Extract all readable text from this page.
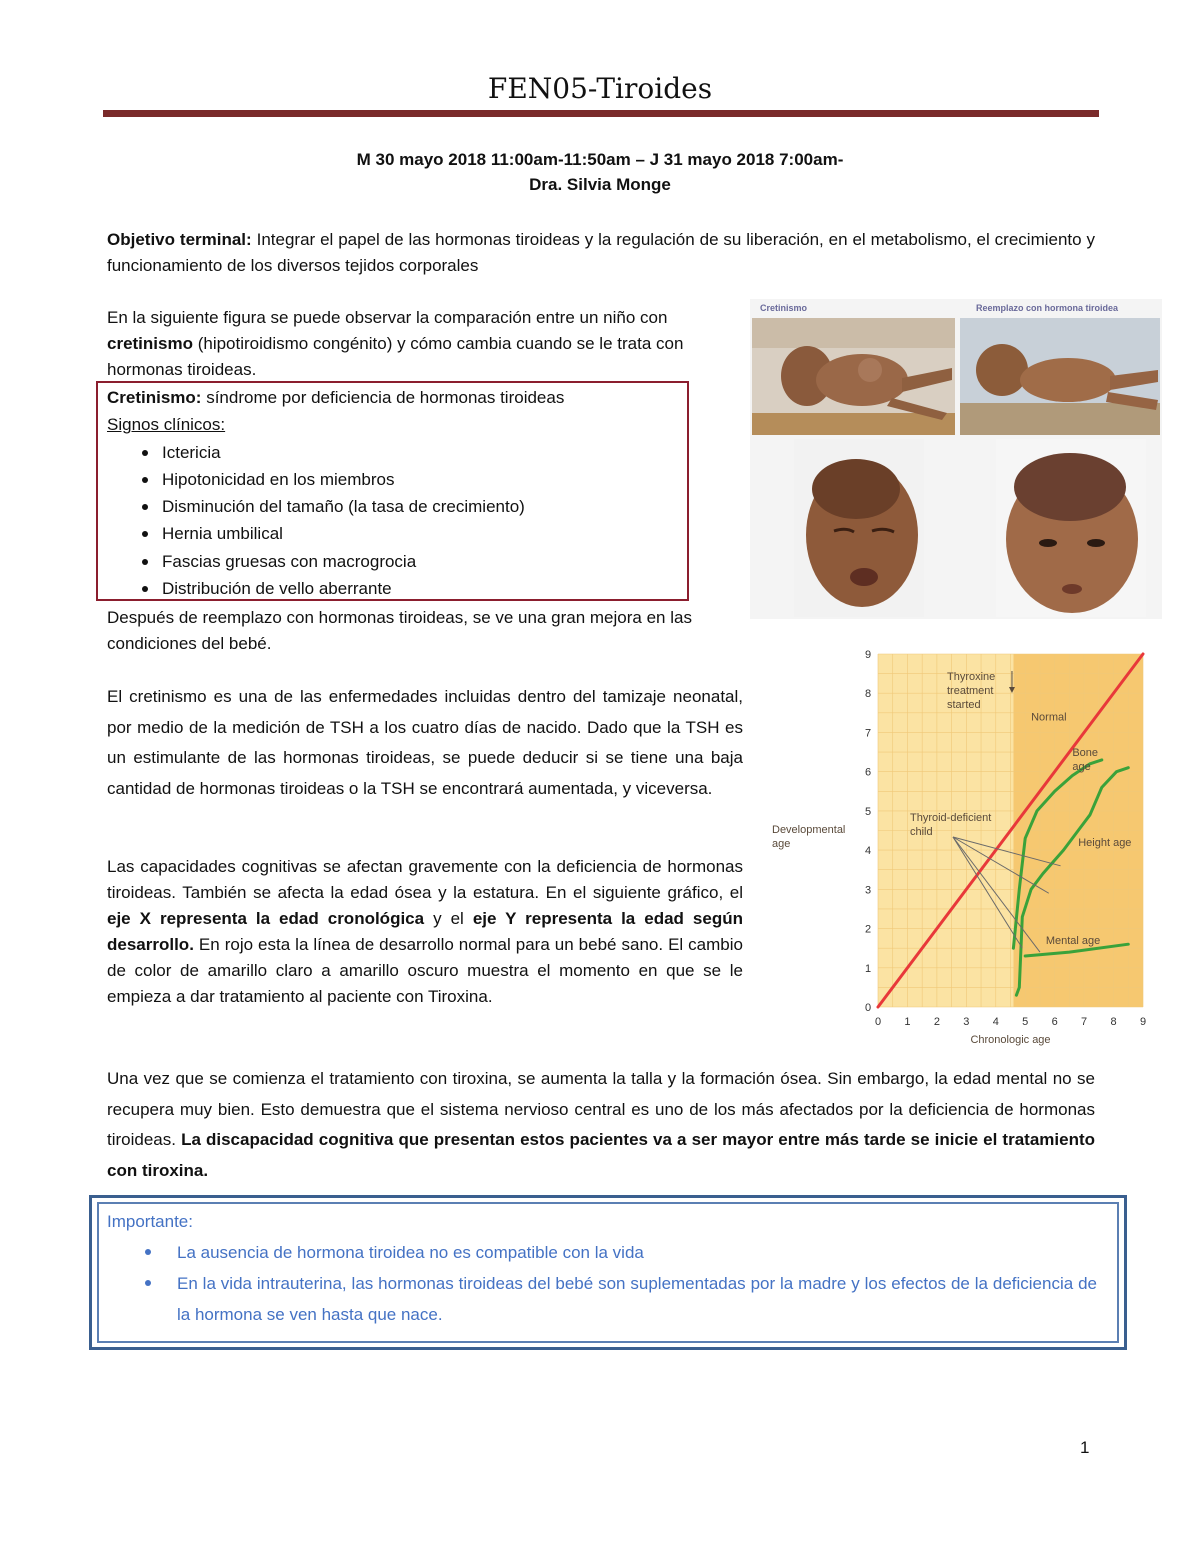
FEN05-Tiroides
M 30 mayo 2018 11:00am-11:50am – J 31 mayo 2018 7:00am-
Dra. Silvia Monge
Objetivo terminal: Integrar el papel de las hormonas tiroideas y la regulación de su liberación, en el metabolismo, el crecimiento y funcionamiento de los diversos tejidos corporales
En la siguiente figura se puede observar la comparación entre un niño con cretinismo (hipotiroidismo congénito) y cómo cambia cuando se le trata con hormonas tiroideas.
Cretinismo: síndrome por deficiencia de hormonas tiroideas
Signos clínicos:
Ictericia
Hipotonicidad en los miembros
Disminución del tamaño (la tasa de crecimiento)
Hernia umbilical
Fascias gruesas con macrogrocia
Distribución de vello aberrante
Después de reemplazo con hormonas tiroideas, se ve una gran mejora en las condiciones del bebé.
El cretinismo es una de las enfermedades incluidas dentro del tamizaje neonatal, por medio de la medición de TSH a los cuatro días de nacido. Dado que la TSH es un estimulante de las hormonas tiroideas, se puede deducir si se tiene una baja cantidad de hormonas tiroideas o la TSH se encontrará aumentada, y viceversa.
Las capacidades cognitivas se afectan gravemente con la deficiencia de hormonas tiroideas. También se afecta la edad ósea y la estatura. En el siguiente gráfico, el eje X representa la edad cronológica y el eje Y representa la edad según desarrollo. En rojo esta la línea de desarrollo normal para un bebé sano. El cambio de color de amarillo claro a amarillo oscuro muestra el momento en que se le empieza a dar tratamiento al paciente con Tiroxina.
Una vez que se comienza el tratamiento con tiroxina, se aumenta la talla y la formación ósea. Sin embargo, la edad mental no se recupera muy bien. Esto demuestra que el sistema nervioso central es uno de los más afectados por la deficiencia de hormonas tiroideas. La discapacidad cognitiva que presentan estos pacientes va a ser mayor entre más tarde se inicie el tratamiento con tiroxina.
Cretinismo	Reemplazo con hormona tiroidea
0 1 2 3 4 5 6 7 8 9
0
1
2
3
4
5
6
7
8
9
Developmental age
Chronologic age
Thyroxine treatment started
Thyroid-deficient child
Normal
Bone age
Height age
Mental age
Importante:
La ausencia de hormona tiroidea no es compatible con la vida
En la vida intrauterina, las hormonas tiroideas del bebé son suplementadas por la madre y los efectos de la deficiencia de la hormona se ven hasta que nace.
1
